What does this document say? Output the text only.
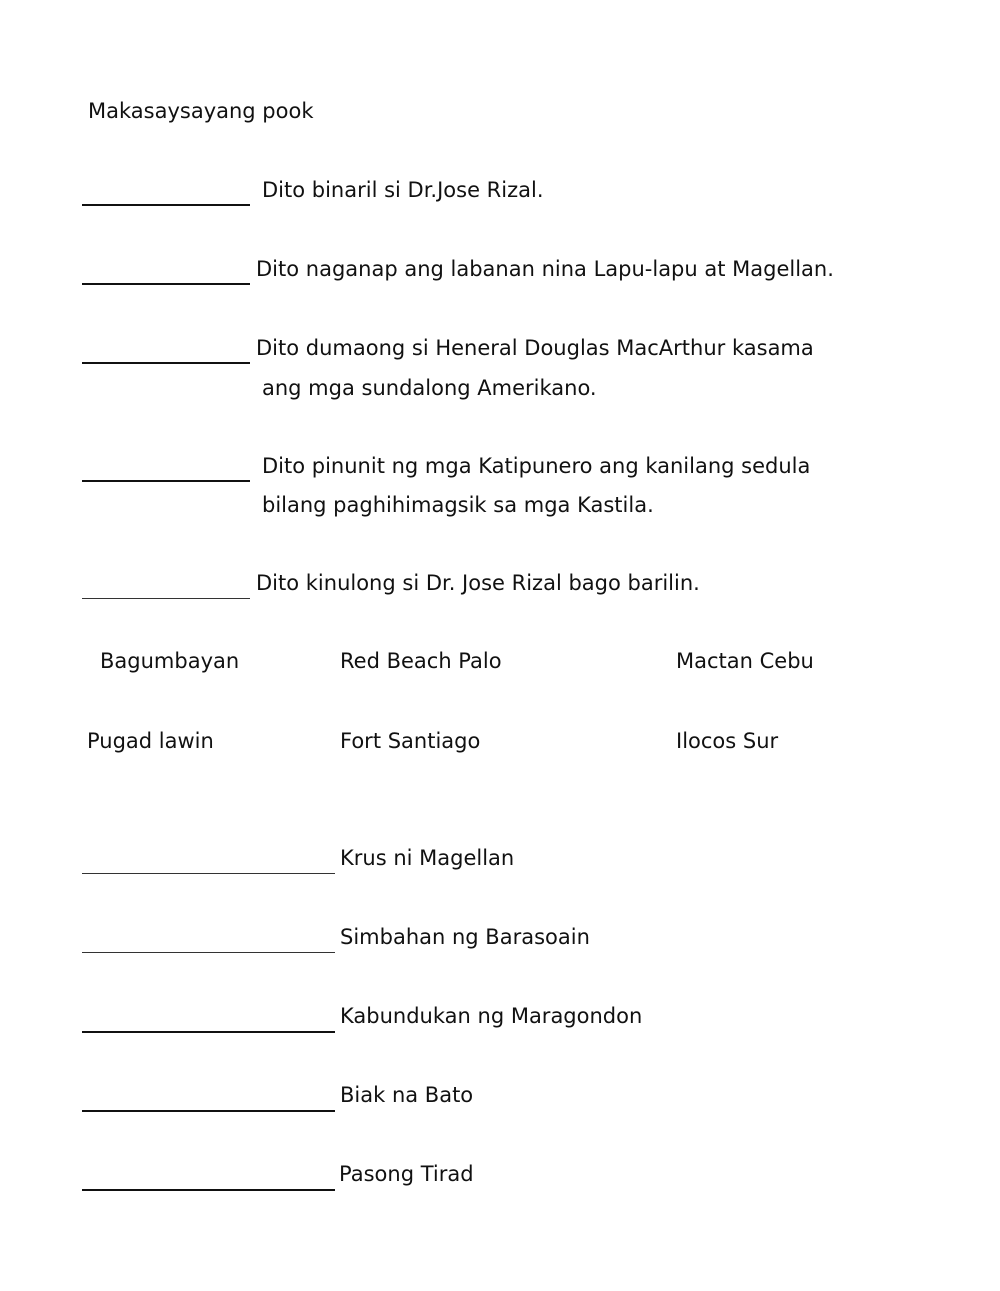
Makasaysayang pook
Dito binaril si Dr.Jose Rizal.
Dito naganap ang labanan nina Lapu-lapu at Magellan.
Dito dumaong si Heneral Douglas MacArthur kasama
ang mga sundalong Amerikano.
Dito pinunit ng mga Katipunero ang kanilang sedula
bilang paghihimagsik sa mga Kastila.
Dito kinulong si Dr. Jose Rizal bago barilin.
Bagumbayan	Red Beach Palo	Mactan Cebu
Pugad lawin	Fort Santiago	Ilocos Sur
Krus ni Magellan
Simbahan ng Barasoain
Kabundukan ng Maragondon
Biak na Bato
Pasong Tirad
